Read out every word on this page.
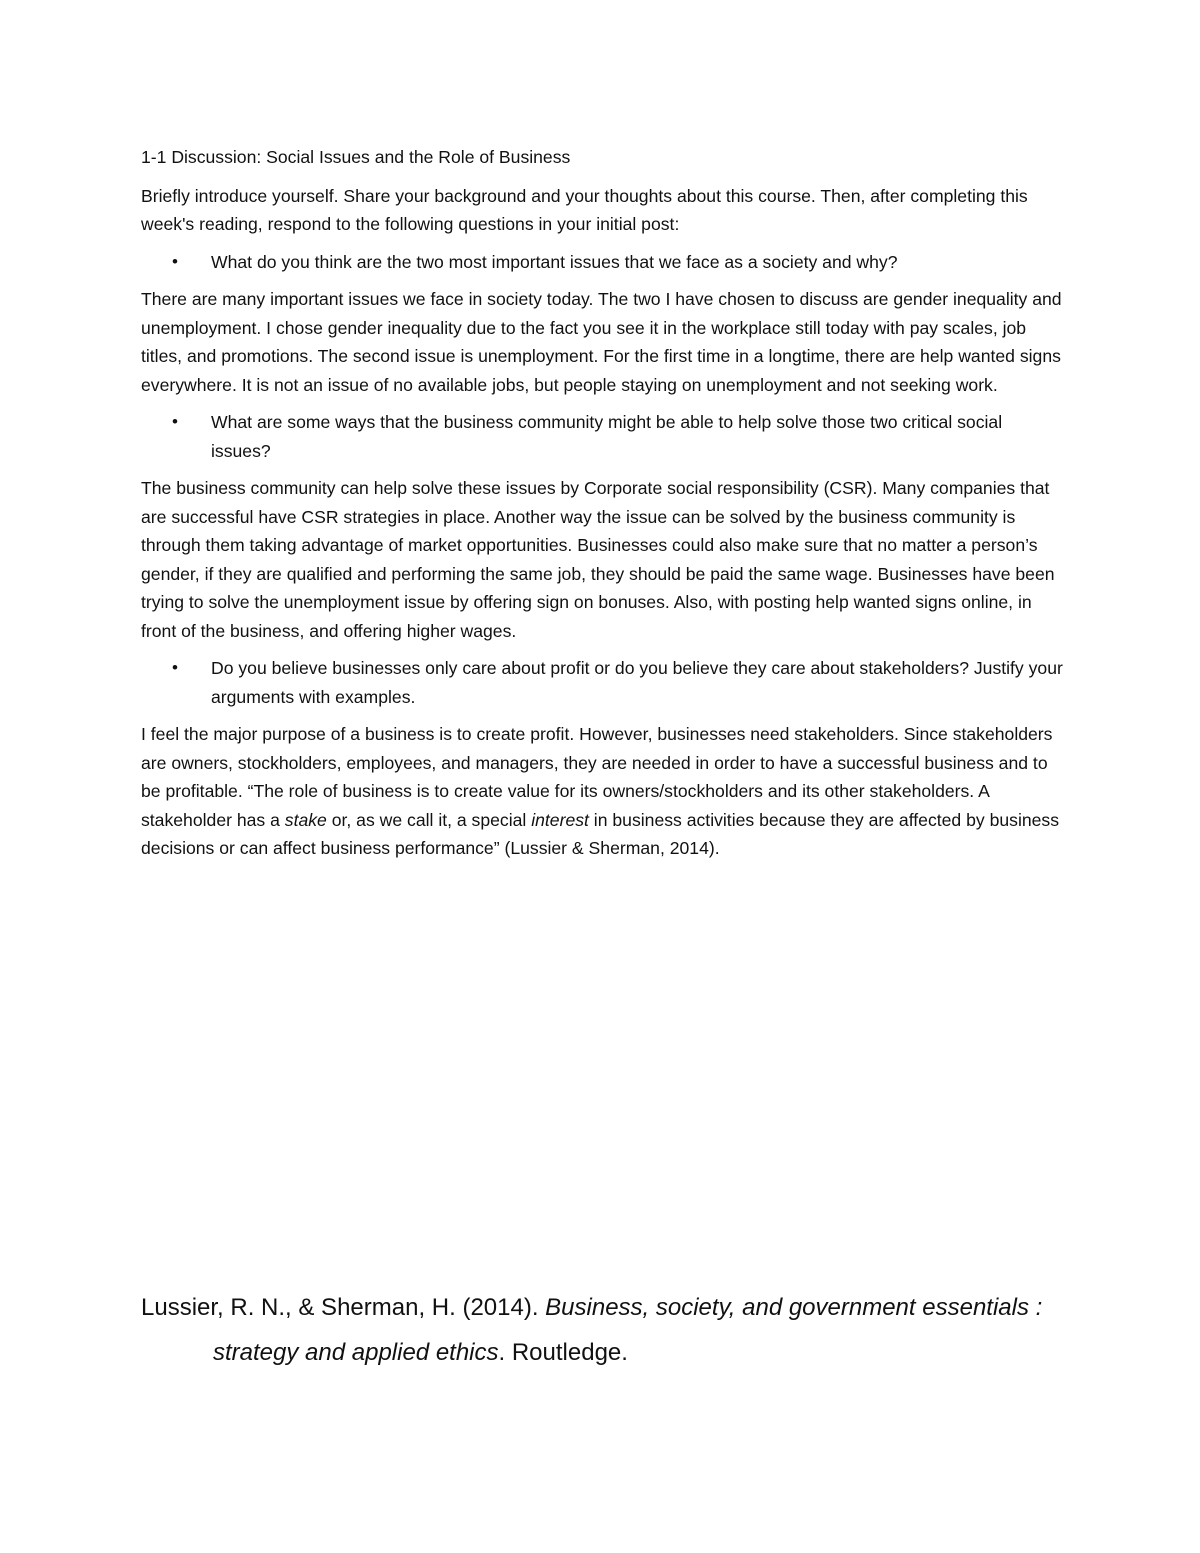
1-1 Discussion: Social Issues and the Role of Business

Briefly introduce yourself. Share your background and your thoughts about this course. Then, after completing this week's reading, respond to the following questions in your initial post:

• What do you think are the two most important issues that we face as a society and why?

There are many important issues we face in society today. The two I have chosen to discuss are gender inequality and unemployment. I chose gender inequality due to the fact you see it in the workplace still today with pay scales, job titles, and promotions. The second issue is unemployment. For the first time in a longtime, there are help wanted signs everywhere. It is not an issue of no available jobs, but people staying on unemployment and not seeking work.

• What are some ways that the business community might be able to help solve those two critical social issues?

The business community can help solve these issues by Corporate social responsibility (CSR). Many companies that are successful have CSR strategies in place. Another way the issue can be solved by the business community is through them taking advantage of market opportunities. Businesses could also make sure that no matter a person’s gender, if they are qualified and performing the same job, they should be paid the same wage. Businesses have been trying to solve the unemployment issue by offering sign on bonuses. Also, with posting help wanted signs online, in front of the business, and offering higher wages.

• Do you believe businesses only care about profit or do you believe they care about stakeholders? Justify your arguments with examples.

I feel the major purpose of a business is to create profit. However, businesses need stakeholders. Since stakeholders are owners, stockholders, employees, and managers, they are needed in order to have a successful business and to be profitable. “The role of business is to create value for its owners/stockholders and its other stakeholders. A stakeholder has a stake or, as we call it, a special interest in business activities because they are affected by business decisions or can affect business performance” (Lussier & Sherman, 2014).

Lussier, R. N., & Sherman, H. (2014). Business, society, and government essentials :

strategy and applied ethics. Routledge.
